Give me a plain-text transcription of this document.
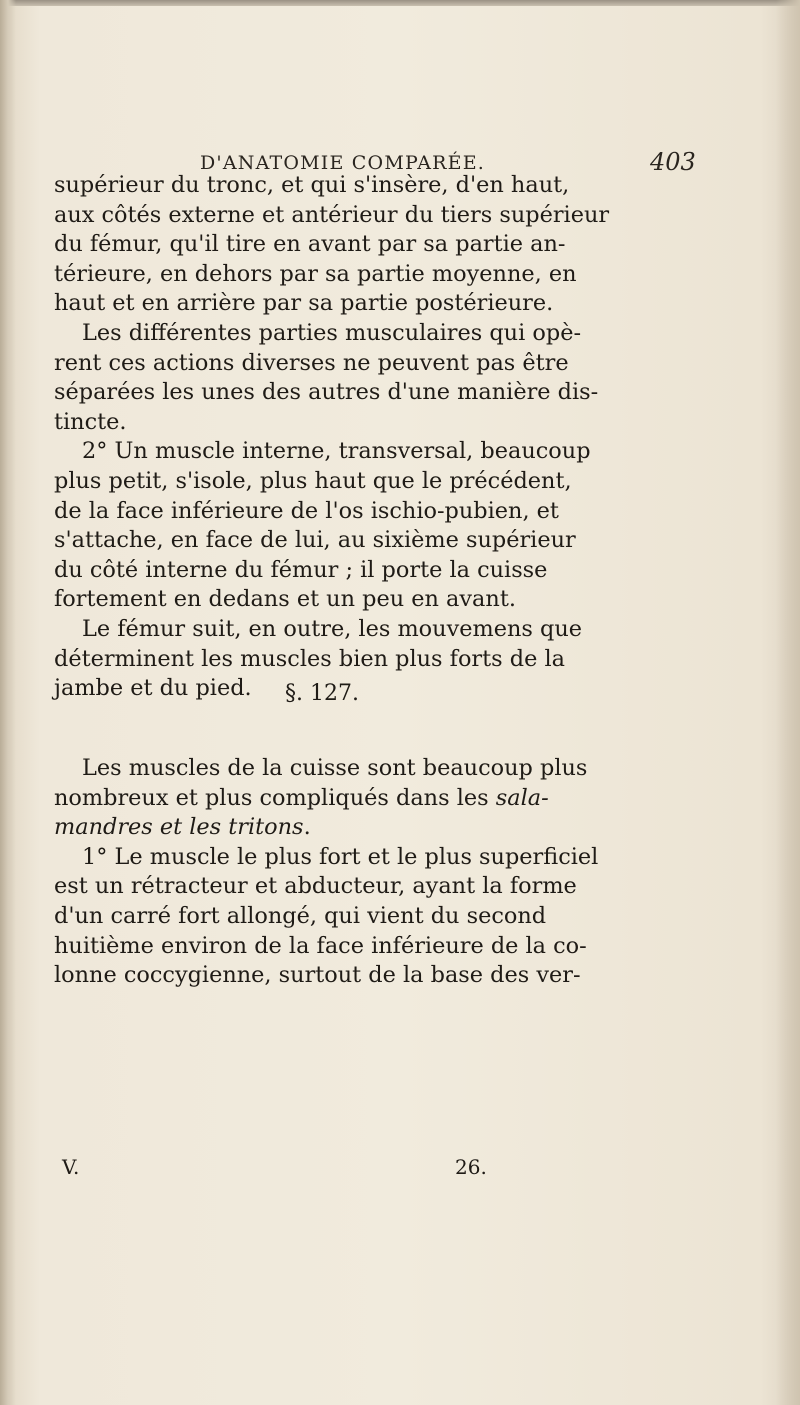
D'ANATOMIE COMPARÉE.	403
supérieur du tronc, et qui s'insère, d'en haut,
aux côtés externe et antérieur du tiers supérieur
du fémur, qu'il tire en avant par sa partie an-
térieure, en dehors par sa partie moyenne, en
haut et en arrière par sa partie postérieure.
Les différentes parties musculaires qui opè-
rent ces actions diverses ne peuvent pas être
séparées les unes des autres d'une manière dis-
tincte.
2° Un muscle interne, transversal, beaucoup
plus petit, s'isole, plus haut que le précédent,
de la face inférieure de l'os ischio-pubien, et
s'attache, en face de lui, au sixième supérieur
du côté interne du fémur ; il porte la cuisse
fortement en dedans et un peu en avant.
Le fémur suit, en outre, les mouvemens que
déterminent les muscles bien plus forts de la
jambe et du pied.	§. 127.
Les muscles de la cuisse sont beaucoup plus
nombreux et plus compliqués dans les sala-
mandres et les tritons.
1° Le muscle le plus fort et le plus superficiel
est un rétracteur et abducteur, ayant la forme
d'un carré fort allongé, qui vient du second
huitième environ de la face inférieure de la co-
lonne coccygienne, surtout de la base des ver-
V.	26.
